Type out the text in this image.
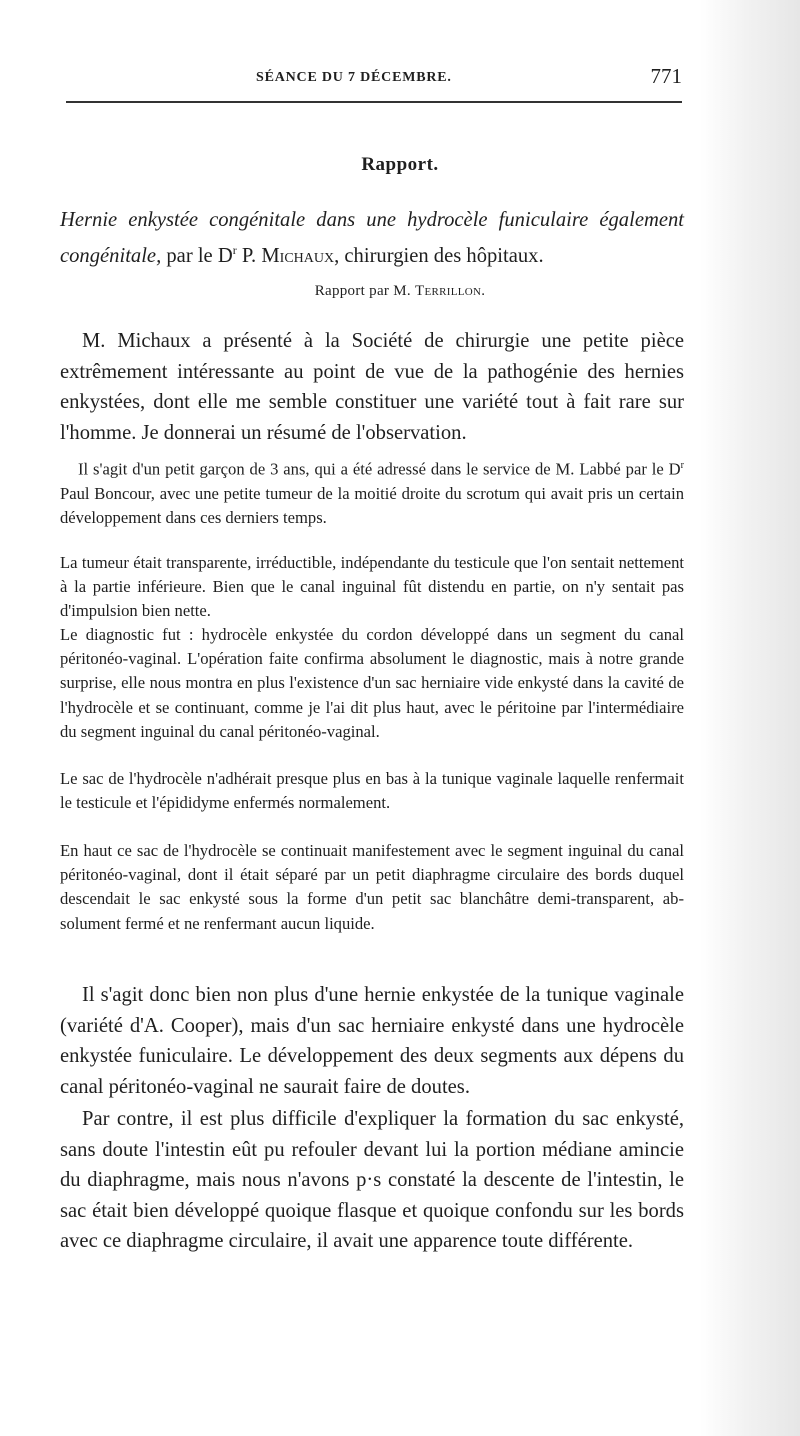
SÉANCE DU 7 DÉCEMBRE.	771
Rapport.

Hernie enkystée congénitale dans une hydrocèle funiculaire également congénitale, par le $D^r$ P. Michaux, chirurgien des hôpitaux.

Rapport par M. Terrillon.

M. Michaux a présenté à la Société de chirurgie une petite pièce extrêmement intéressante au point de vue de la pathogénie des hernies enkystées, dont elle me semble constituer une variété tout à fait rare sur l'homme. Je donnerai un résumé de l'observation.

Il s'agit d'un petit garçon de 3 ans, qui a été adressé dans le service de M. Labbé par le $D^r$ Paul Boncour, avec une petite tumeur de la moitié droite du scrotum qui avait pris un certain développement dans ces derniers temps.

La tumeur était transparente, irréductible, indépendante du testicule que l'on sentait nettement à la partie inférieure. Bien que le canal inguinal fût distendu en partie, on n'y sentait pas d'impulsion bien nette.

Le diagnostic fut : hydrocèle enkystée du cordon développé dans un segment du canal péritonéo-vaginal. L'opération faite confirma absolument le diagnostic, mais à notre grande surprise, elle nous montra en plus l'existence d'un sac herniaire vide enkysté dans la cavité de l'hydrocèle et se continuant, comme je l'ai dit plus haut, avec le péritoine par l'intermédiaire du segment inguinal du canal péritonéo-vaginal.

Le sac de l'hydrocèle n'adhérait presque plus en bas à la tunique vaginale laquelle renfermait le testicule et l'épididyme enfermés normalement.

En haut ce sac de l'hydrocèle se continuait manifestement avec le segment inguinal du canal péritonéo-vaginal, dont il était séparé par un petit diaphragme circulaire des bords duquel descendait le sac enkysté sous la forme d'un petit sac blanchâtre demi-transparent, absolument fermé et ne renfermant aucun liquide.

Il s'agit donc bien non plus d'une hernie enkystée de la tunique vaginale (variété d'A. Cooper), mais d'un sac herniaire enkysté dans une hydrocèle enkystée funiculaire. Le développement des deux segments aux dépens du canal péritonéo-vaginal ne saurait faire de doutes.

Par contre, il est plus difficile d'expliquer la formation du sac enkysté, sans doute l'intestin eût pu refouler devant lui la portion médiane amincie du diaphragme, mais nous n'avons p·s constaté la descente de l'intestin, le sac était bien développé quoique flasque et quoique confondu sur les bords avec ce diaphragme circulaire, il avait une apparence toute différente.
